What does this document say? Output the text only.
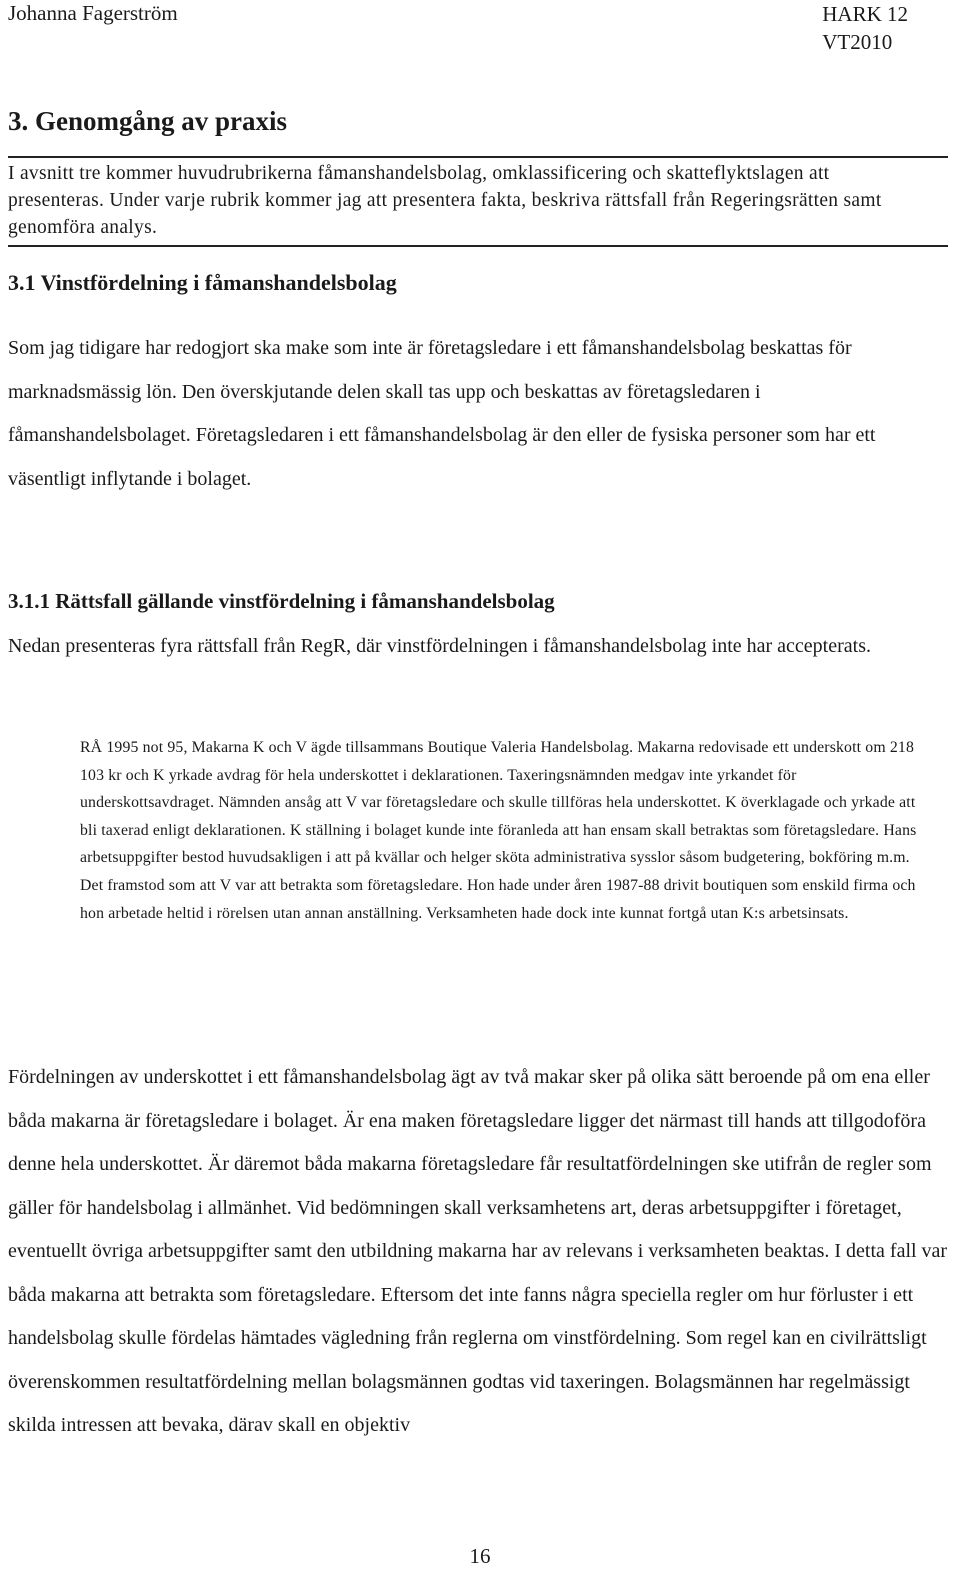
Johanna Fagerström	HARK 12
VT2010
3. Genomgång av praxis
I avsnitt tre kommer huvudrubrikerna fåmanshandelsbolag, omklassificering och skatteflyktslagen att presenteras. Under varje rubrik kommer jag att presentera fakta, beskriva rättsfall från Regeringsrätten samt genomföra analys.
3.1 Vinstfördelning i fåmanshandelsbolag
Som jag tidigare har redogjort ska make som inte är företagsledare i ett fåmanshandelsbolag beskattas för marknadsmässig lön. Den överskjutande delen skall tas upp och beskattas av företagsledaren i fåmanshandelsbolaget. Företagsledaren i ett fåmanshandelsbolag är den eller de fysiska personer som har ett väsentligt inflytande i bolaget.
3.1.1 Rättsfall gällande vinstfördelning i fåmanshandelsbolag
Nedan presenteras fyra rättsfall från RegR, där vinstfördelningen i fåmanshandelsbolag inte har accepterats.
RÅ 1995 not 95, Makarna K och V ägde tillsammans Boutique Valeria Handelsbolag. Makarna redovisade ett underskott om 218 103 kr och K yrkade avdrag för hela underskottet i deklarationen. Taxeringsnämnden medgav inte yrkandet för underskottsavdraget. Nämnden ansåg att V var företagsledare och skulle tillföras hela underskottet. K överklagade och yrkade att bli taxerad enligt deklarationen. K ställning i bolaget kunde inte föranleda att han ensam skall betraktas som företagsledare. Hans arbetsuppgifter bestod huvudsakligen i att på kvällar och helger sköta administrativa sysslor såsom budgetering, bokföring m.m. Det framstod som att V var att betrakta som företagsledare. Hon hade under åren 1987-88 drivit boutiquen som enskild firma och hon arbetade heltid i rörelsen utan annan anställning. Verksamheten hade dock inte kunnat fortgå utan K:s arbetsinsats.
Fördelningen av underskottet i ett fåmanshandelsbolag ägt av två makar sker på olika sätt beroende på om ena eller båda makarna är företagsledare i bolaget. Är ena maken företagsledare ligger det närmast till hands att tillgodoföra denne hela underskottet. Är däremot båda makarna företagsledare får resultatfördelningen ske utifrån de regler som gäller för handelsbolag i allmänhet. Vid bedömningen skall verksamhetens art, deras arbetsuppgifter i företaget, eventuellt övriga arbetsuppgifter samt den utbildning makarna har av relevans i verksamheten beaktas. I detta fall var båda makarna att betrakta som företagsledare. Eftersom det inte fanns några speciella regler om hur förluster i ett handelsbolag skulle fördelas hämtades vägledning från reglerna om vinstfördelning. Som regel kan en civilrättsligt överenskommen resultatfördelning mellan bolagsmännen godtas vid taxeringen. Bolagsmännen har regelmässigt skilda intressen att bevaka, därav skall en objektiv
16
